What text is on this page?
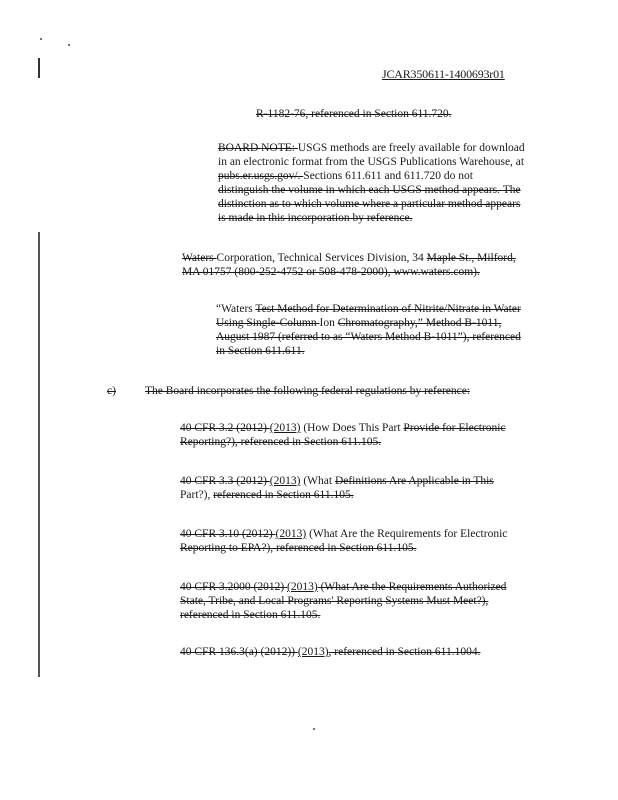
JCAR350611-1400693r01
R-1182-76, referenced in Section 611.720.
BOARD NOTE: USGS methods are freely available for download
in an electronic format from the USGS Publications Warehouse, at
pubs.er.usgs.gov/. Sections 611.611 and 611.720 do not
distinguish the volume in which each USGS method appears. The
distinction as to which volume where a particular method appears
is made in this incorporation by reference.
Waters Corporation, Technical Services Division, 34 Maple St., Milford,
MA 01757 (800-252-4752 or 508-478-2000), www.waters.com).
“Waters Test Method for Determination of Nitrite/Nitrate in Water
Using Single-Column Ion Chromatography,” Method B-1011,
August 1987 (referred to as “Waters Method B-1011”), referenced
in Section 611.611.
c)	The Board incorporates the following federal regulations by reference:
40 CFR 3.2 (2012) (2013) (How Does This Part Provide for Electronic
Reporting?), referenced in Section 611.105.
40 CFR 3.3 (2012) (2013) (What Definitions Are Applicable in This
Part?), referenced in Section 611.105.
40 CFR 3.10 (2012) (2013) (What Are the Requirements for Electronic
Reporting to EPA?), referenced in Section 611.105.
40 CFR 3.2000 (2012) (2013) (What Are the Requirements Authorized
State, Tribe, and Local Programs' Reporting Systems Must Meet?),
referenced in Section 611.105.
40 CFR 136.3(a) (2012)) (2013), referenced in Section 611.1004.
